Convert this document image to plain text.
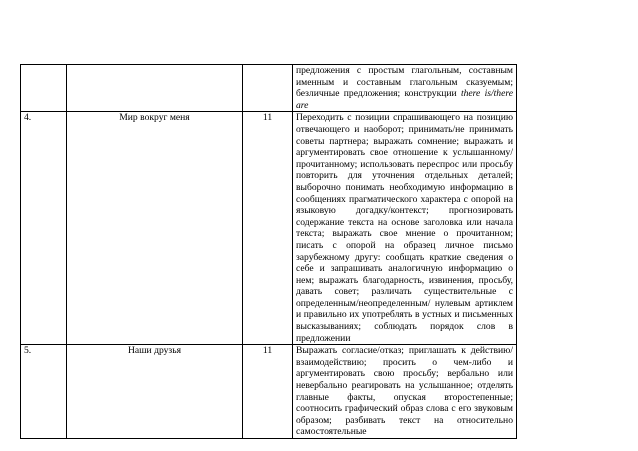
			предложения с простым глагольным, составным именным и составным глагольным сказуемым; безличные предложения; конструкции there is/there are
4.	Мир вокруг меня	11	Переходить с позиции спрашивающего на позицию отвечающего и наоборот; принимать/не принимать советы партнера; выражать сомнение; выражать и аргументировать свое отношение к услышанному/ прочитанному; использовать переспрос или просьбу повторить для уточнения отдельных деталей; выборочно понимать необходимую информацию в сообщениях прагматического характера с опорой на языковую догадку/контекст; прогнозировать содержание текста на основе заголовка или начала текста; выражать свое мнение о прочитанном; писать с опорой на образец личное письмо зарубежному другу: сообщать краткие сведения о себе и запрашивать аналогичную информацию о нем; выражать благодарность, извинения, просьбу, давать совет; различать существительные с определенным/неопределенным/ нулевым артиклем и правильно их употреблять в устных и письменных высказываниях; соблюдать порядок слов в предложении
5.	Наши друзья	11	Выражать согласие/отказ; приглашать к действию/ взаимодействию; просить о чем-либо и аргументировать свою просьбу; вербально или невербально реагировать на услышанное; отделять главные факты, опуская второстепенные; соотносить графический образ слова с его звуковым образом; разбивать текст на относительно самостоятельные
